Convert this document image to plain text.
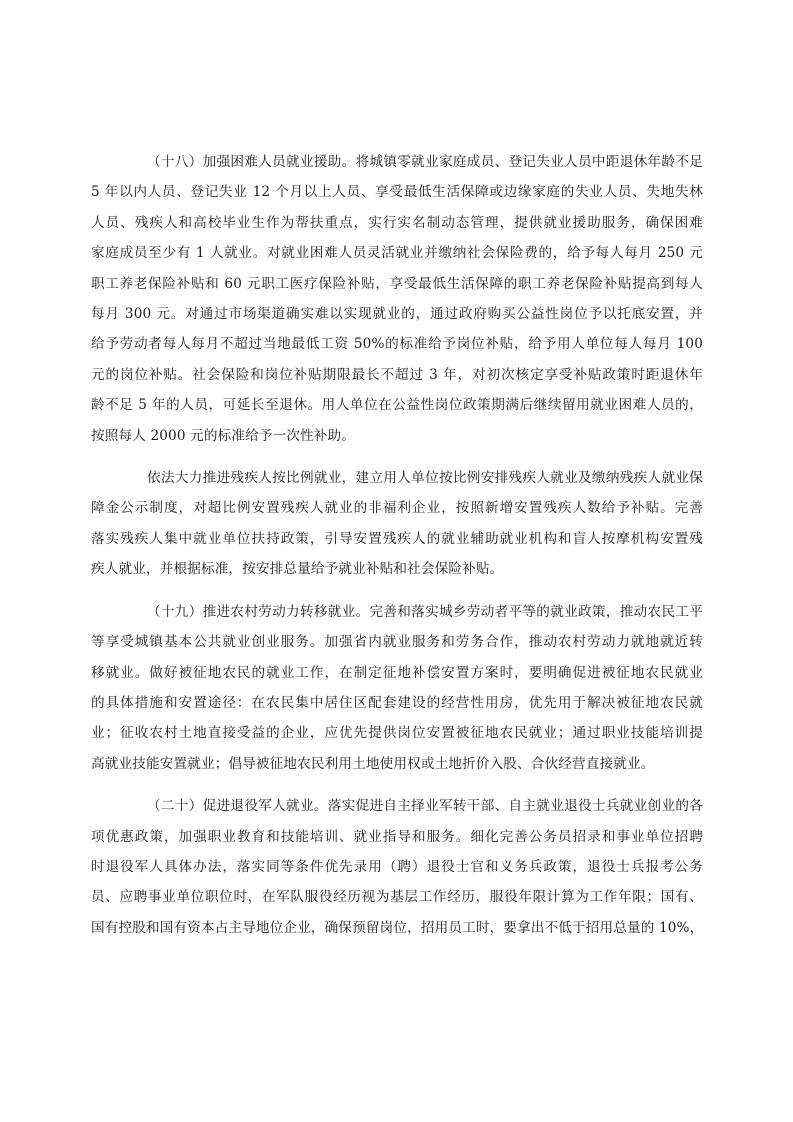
（十八）加强困难人员就业援助。将城镇零就业家庭成员、登记失业人员中距退休年龄不足
5 年以内人员、登记失业 12 个月以上人员、享受最低生活保障或边缘家庭的失业人员、失地失林
人员、残疾人和高校毕业生作为帮扶重点，实行实名制动态管理，提供就业援助服务，确保困难
家庭成员至少有 1 人就业。对就业困难人员灵活就业并缴纳社会保险费的，给予每人每月 250 元
职工养老保险补贴和 60 元职工医疗保险补贴，享受最低生活保障的职工养老保险补贴提高到每人
每月 300 元。对通过市场渠道确实难以实现就业的，通过政府购买公益性岗位予以托底安置，并
给予劳动者每人每月不超过当地最低工资 50%的标准给予岗位补贴，给予用人单位每人每月 100
元的岗位补贴。社会保险和岗位补贴期限最长不超过 3 年，对初次核定享受补贴政策时距退休年
龄不足 5 年的人员，可延长至退休。用人单位在公益性岗位政策期满后继续留用就业困难人员的，
按照每人 2000 元的标准给予一次性补助。

依法大力推进残疾人按比例就业，建立用人单位按比例安排残疾人就业及缴纳残疾人就业保
障金公示制度，对超比例安置残疾人就业的非福利企业，按照新增安置残疾人数给予补贴。完善
落实残疾人集中就业单位扶持政策，引导安置残疾人的就业辅助就业机构和盲人按摩机构安置残
疾人就业，并根据标准，按安排总量给予就业补贴和社会保险补贴。

（十九）推进农村劳动力转移就业。完善和落实城乡劳动者平等的就业政策，推动农民工平
等享受城镇基本公共就业创业服务。加强省内就业服务和劳务合作，推动农村劳动力就地就近转
移就业。做好被征地农民的就业工作，在制定征地补偿安置方案时，要明确促进被征地农民就业
的具体措施和安置途径：在农民集中居住区配套建设的经营性用房，优先用于解决被征地农民就
业；征收农村土地直接受益的企业，应优先提供岗位安置被征地农民就业；通过职业技能培训提
高就业技能安置就业；倡导被征地农民利用土地使用权或土地折价入股、合伙经营直接就业。

（二十）促进退役军人就业。落实促进自主择业军转干部、自主就业退役士兵就业创业的各
项优惠政策，加强职业教育和技能培训、就业指导和服务。细化完善公务员招录和事业单位招聘
时退役军人具体办法，落实同等条件优先录用（聘）退役士官和义务兵政策，退役士兵报考公务
员、应聘事业单位职位时，在军队服役经历视为基层工作经历，服役年限计算为工作年限；国有、
国有控股和国有资本占主导地位企业，确保预留岗位，招用员工时，要拿出不低于招用总量的 10%，
